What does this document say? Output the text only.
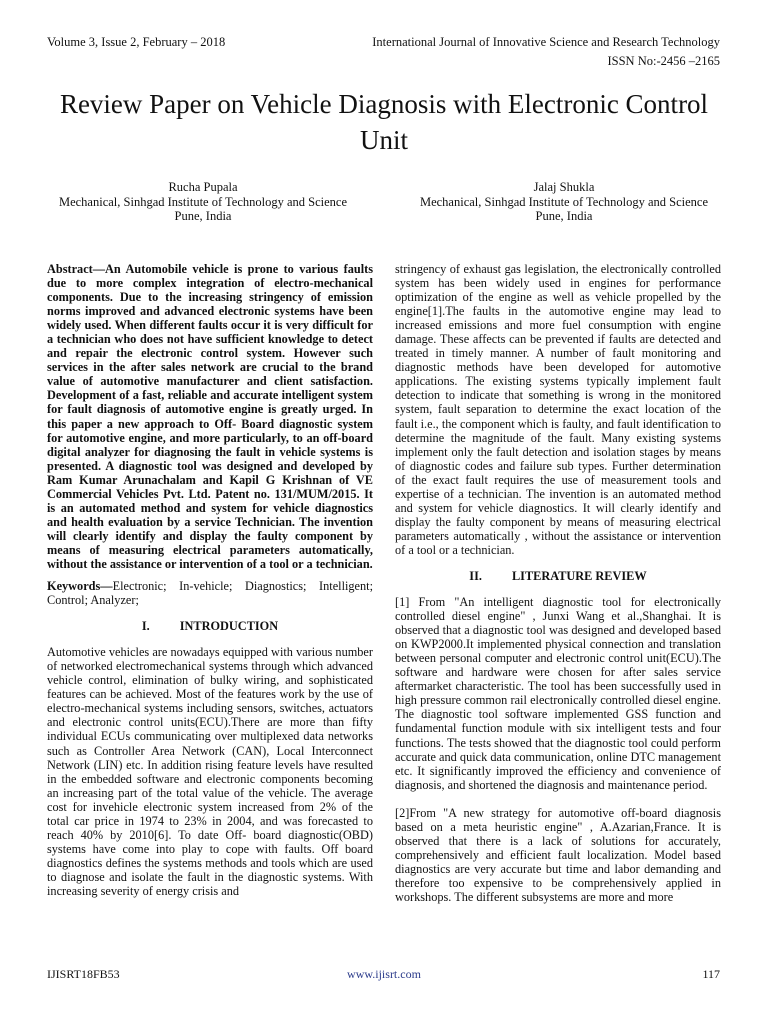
Volume 3, Issue 2, February – 2018	International Journal of Innovative Science and Research Technology
ISSN No:-2456 –2165
Review Paper on Vehicle Diagnosis with Electronic Control Unit
Rucha Pupala
Mechanical, Sinhgad Institute of Technology and Science
Pune, India
Jalaj Shukla
Mechanical, Sinhgad Institute of Technology and Science
Pune, India

Abstract—An Automobile vehicle is prone to various faults due to more complex integration of electro-mechanical components. Due to the increasing stringency of emission norms improved and advanced electronic systems have been widely used. When different faults occur it is very difficult for a technician who does not have sufficient knowledge to detect and repair the electronic control system. However such services in the after sales network are crucial to the brand value of automotive manufacturer and client satisfaction. Development of a fast, reliable and accurate intelligent system for fault diagnosis of automotive engine is greatly urged. In this paper a new approach to Off- Board diagnostic system for automotive engine, and more particularly, to an off-board digital analyzer for diagnosing the fault in vehicle systems is presented. A diagnostic tool was designed and developed by Ram Kumar Arunachalam and Kapil G Krishnan of VE Commercial Vehicles Pvt. Ltd. Patent no. 131/MUM/2015. It is an automated method and system for vehicle diagnostics and health evaluation by a service Technician. The invention will clearly identify and display the faulty component by means of measuring electrical parameters automatically, without the assistance or intervention of a tool or a technician.

Keywords—Electronic; In-vehicle; Diagnostics; Intelligent; Control; Analyzer;

I. INTRODUCTION

Automotive vehicles are nowadays equipped with various number of networked electromechanical systems through which advanced vehicle control, elimination of bulky wiring, and sophisticated features can be achieved. Most of the features work by the use of electro-mechanical systems including sensors, switches, actuators and electronic control units(ECU).There are more than fifty individual ECUs communicating over multiplexed data networks such as Controller Area Network (CAN), Local Interconnect Network (LIN) etc. In addition rising feature levels have resulted in the embedded software and electronic components becoming an increasing part of the total value of the vehicle. The average cost for invehicle electronic system increased from 2% of the total car price in 1974 to 23% in 2004, and was forecasted to reach 40% by 2010[6]. To date Off- board diagnostic(OBD) systems have come into play to cope with faults. Off board diagnostics defines the systems methods and tools which are used to diagnose and isolate the fault in the diagnostic systems. With increasing severity of energy crisis and

stringency of exhaust gas legislation, the electronically controlled system has been widely used in engines for performance optimization of the engine as well as vehicle propelled by the engine[1].The faults in the automotive engine may lead to increased emissions and more fuel consumption with engine damage. These affects can be prevented if faults are detected and treated in timely manner. A number of fault monitoring and diagnostic methods have been developed for automotive applications. The existing systems typically implement fault detection to indicate that something is wrong in the monitored system, fault separation to determine the exact location of the fault i.e., the component which is faulty, and fault identification to determine the magnitude of the fault. Many existing systems implement only the fault detection and isolation stages by means of diagnostic codes and failure sub types. Further determination of the exact fault requires the use of measurement tools and expertise of a technician. The invention is an automated method and system for vehicle diagnostics. It will clearly identify and display the faulty component by means of measuring electrical parameters automatically , without the assistance or intervention of a tool or a technician.

II. LITERATURE REVIEW

[1] From "An intelligent diagnostic tool for electronically controlled diesel engine" , Junxi Wang et al.,Shanghai. It is observed that a diagnostic tool was designed and developed based on KWP2000.It implemented physical connection and translation between personal computer and electronic control unit(ECU).The software and hardware were chosen for after sales service aftermarket characteristic. The tool has been successfully used in high pressure common rail electronically controlled diesel engine. The diagnostic tool software implemented GSS function and fundamental function module with six intelligent tests and four functions. The tests showed that the diagnostic tool could perform accurate and quick data communication, online DTC management etc. It significantly improved the efficiency and convenience of diagnosis, and shortened the diagnosis and maintenance period.

[2]From "A new strategy for automotive off-board diagnosis based on a meta heuristic engine" , A.Azarian,France. It is observed that there is a lack of solutions for accurately, comprehensively and efficient fault localization. Model based diagnostics are very accurate but time and labor demanding and therefore too expensive to be comprehensively applied in workshops. The different subsystems are more and more

IJISRT18FB53	www.ijisrt.com	117
